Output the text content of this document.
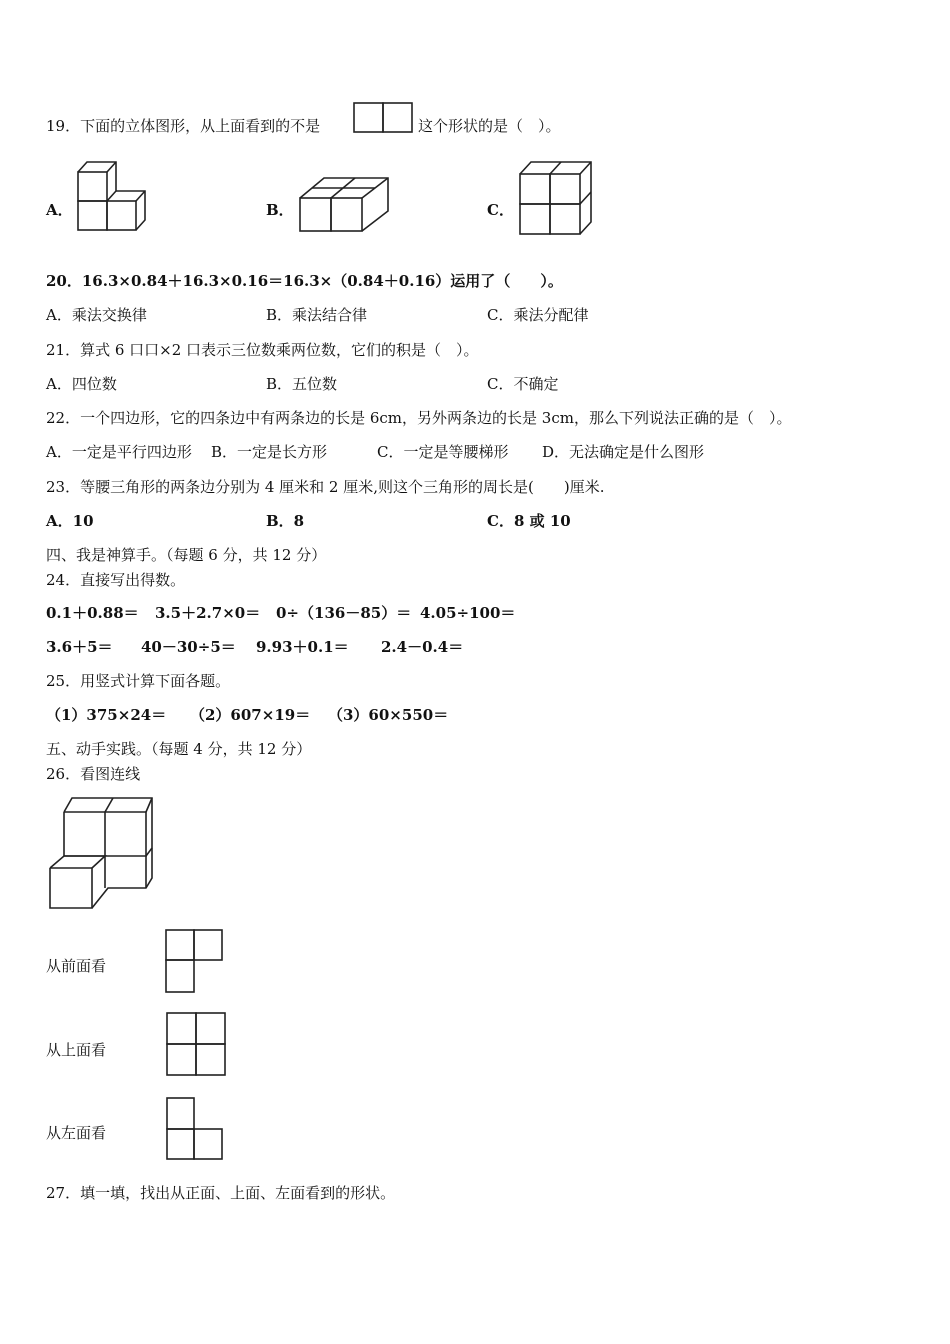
19．下面的立体图形，从上面看到的不是	这个形状的是（　）。
A．	B．	C．
20．16.3×0.84＋16.3×0.16＝16.3×（0.84＋0.16）运用了（　　）。
A．乘法交换律	B．乘法结合律	C．乘法分配律
21．算式 6 口口×2 口表示三位数乘两位数，它们的积是（　）。
A．四位数	B．五位数	C．不确定
22．一个四边形，它的四条边中有两条边的长是 6cm，另外两条边的长是 3cm，那么下列说法正确的是（　）。
A．一定是平行四边形 B．一定是长方形	C．一定是等腰梯形 D．无法确定是什么图形
23．等腰三角形的两条边分别为 4 厘米和 2 厘米,则这个三角形的周长是(　　)厘米.
A．10	B．8	C．8 或 10
四、我是神算手。（每题 6 分，共 12 分）
24．直接写出得数。
0.1＋0.88＝ 3.5＋2.7×0＝ 0÷（136－85）＝ 4.05÷100＝
3.6＋5＝ 40－30÷5＝ 9.93＋0.1＝ 2.4－0.4＝
25．用竖式计算下面各题。
（1）375×24＝ （2）607×19＝ （3）60×550＝
五、动手实践。（每题 4 分，共 12 分）
26．看图连线
从前面看
从上面看
从左面看
27．填一填，找出从正面、上面、左面看到的形状。
